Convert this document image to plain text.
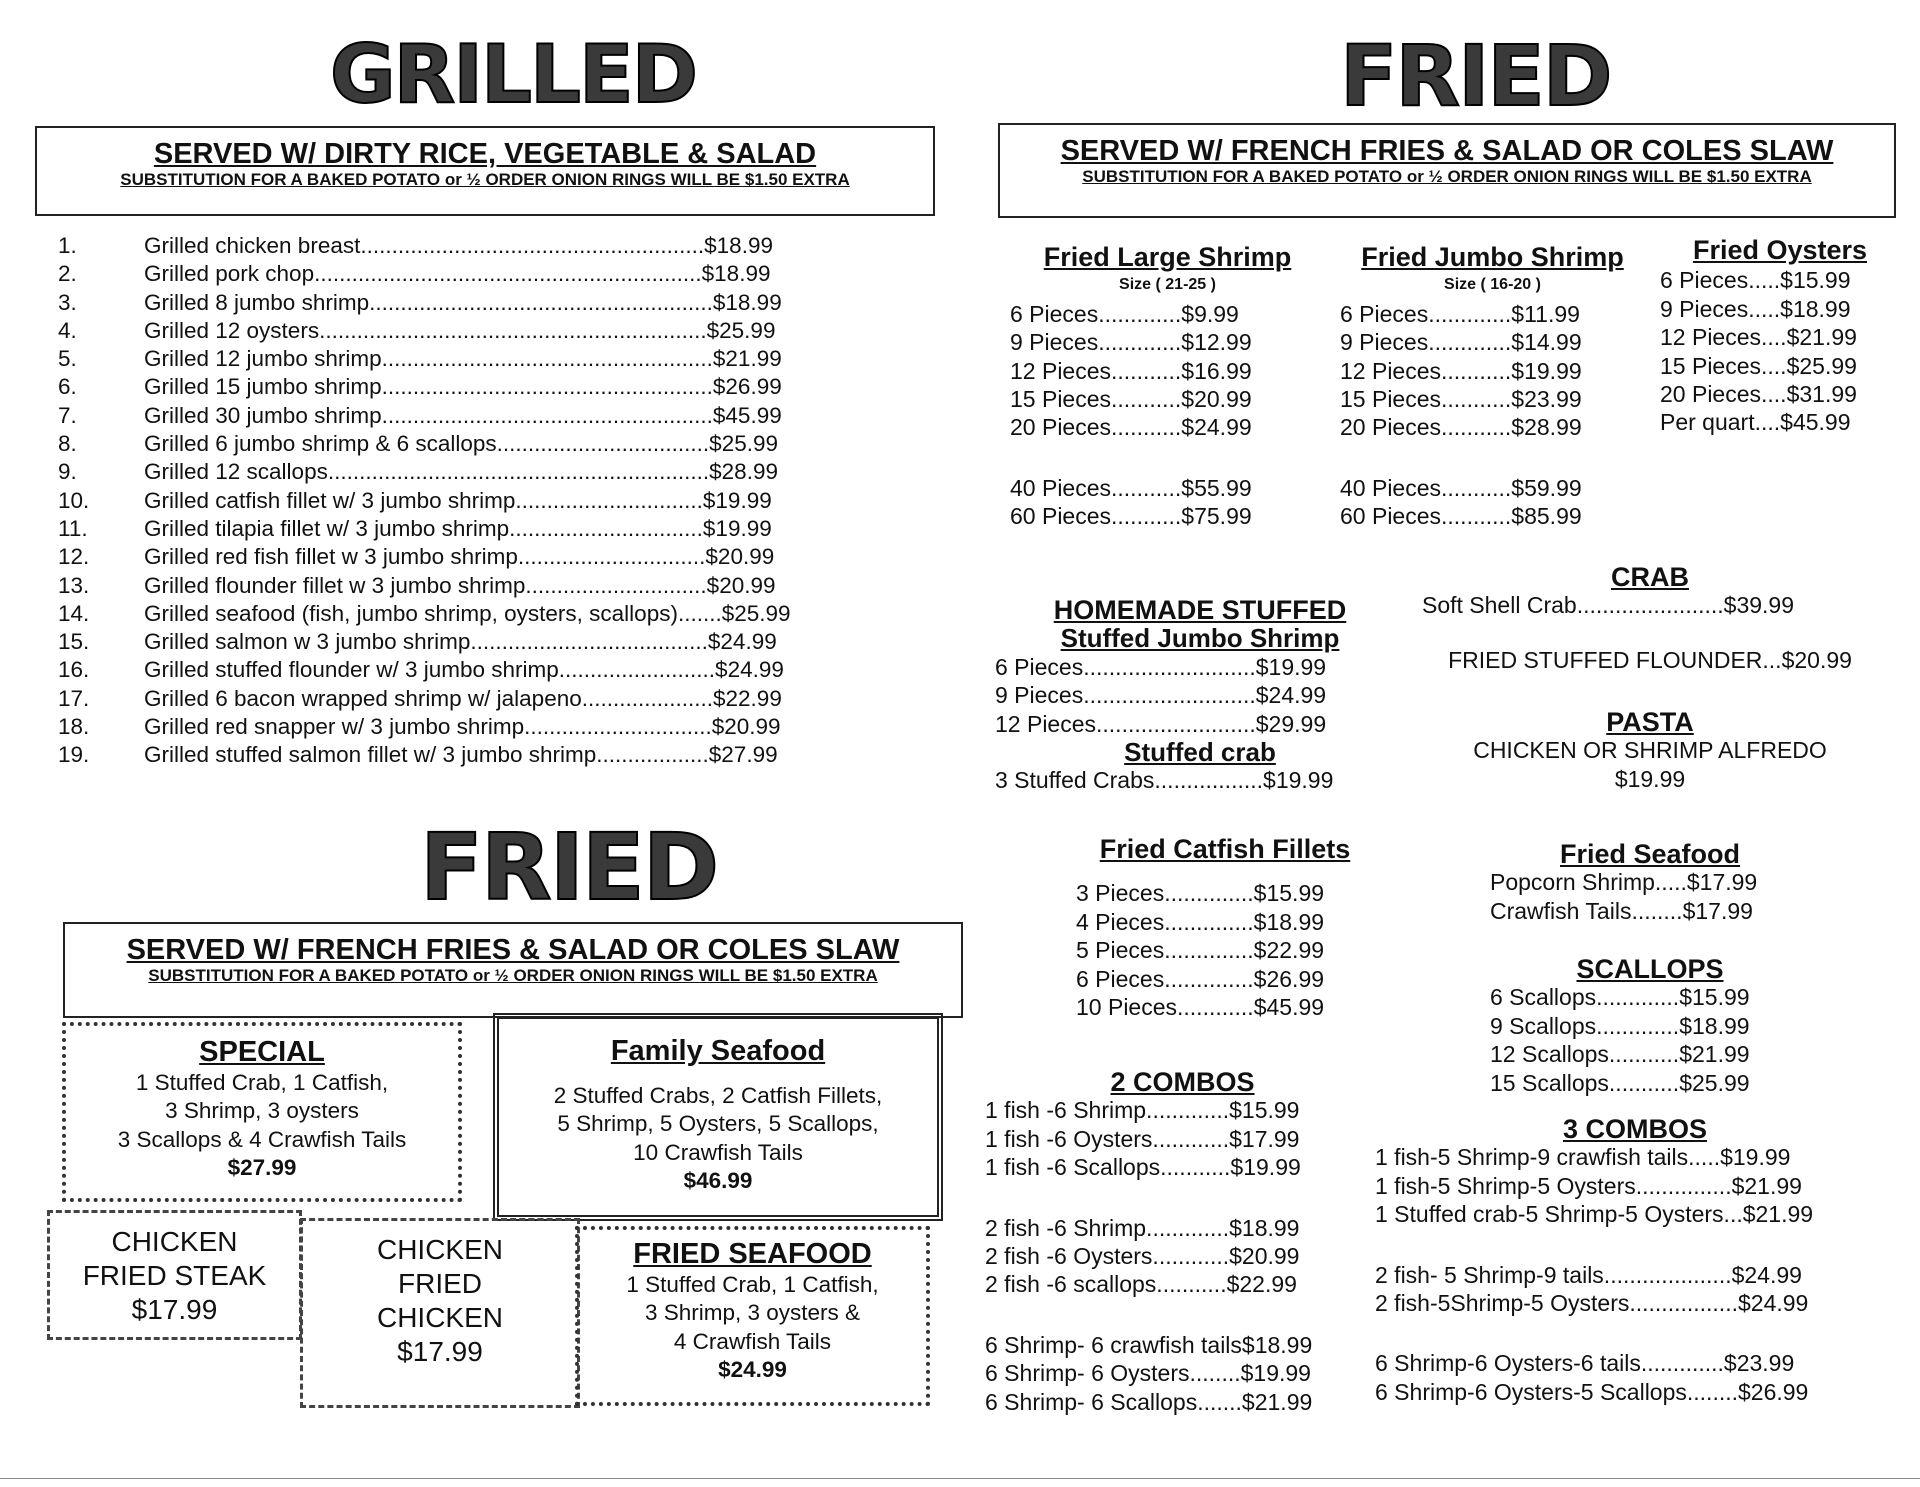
GRILLED
SERVED W/ DIRTY RICE, VEGETABLE & SALAD
SUBSTITUTION FOR A BAKED POTATO or ½ ORDER ONION RINGS WILL BE $1.50 EXTRA
1.	Grilled chicken breast.......................................................$18.99
2.	Grilled pork chop..............................................................$18.99
3.	Grilled 8 jumbo shrimp.......................................................$18.99
4.	Grilled 12 oysters..............................................................$25.99
5.	Grilled 12 jumbo shrimp.....................................................$21.99
6.	Grilled 15 jumbo shrimp.....................................................$26.99
7.	Grilled 30 jumbo shrimp.....................................................$45.99
8.	Grilled 6 jumbo shrimp & 6 scallops..................................$25.99
9.	Grilled 12 scallops.............................................................$28.99
10.	Grilled catfish fillet w/ 3 jumbo shrimp..............................$19.99
11.	Grilled tilapia fillet w/ 3 jumbo shrimp...............................$19.99
12.	Grilled red fish fillet w 3 jumbo shrimp..............................$20.99
13.	Grilled flounder fillet w 3 jumbo shrimp.............................$20.99
14.	Grilled seafood (fish, jumbo shrimp, oysters, scallops).......$25.99
15.	Grilled salmon w 3 jumbo shrimp......................................$24.99
16.	Grilled stuffed flounder w/ 3 jumbo shrimp.........................$24.99
17.	Grilled 6 bacon wrapped shrimp w/ jalapeno.....................$22.99
18.	Grilled red snapper w/ 3 jumbo shrimp..............................$20.99
19.	Grilled stuffed salmon fillet w/ 3 jumbo shrimp..................$27.99
FRIED
SERVED W/ FRENCH FRIES & SALAD OR COLES SLAW
SUBSTITUTION FOR A BAKED POTATO or ½ ORDER ONION RINGS WILL BE $1.50 EXTRA
SPECIAL
1 Stuffed Crab, 1 Catfish,
3 Shrimp, 3 oysters
3 Scallops & 4 Crawfish Tails
$27.99
Family Seafood
2 Stuffed Crabs, 2 Catfish Fillets,
5 Shrimp, 5 Oysters, 5 Scallops,
10 Crawfish Tails
$46.99
CHICKEN
FRIED STEAK
$17.99
CHICKEN
FRIED
CHICKEN
$17.99
FRIED SEAFOOD
1 Stuffed Crab, 1 Catfish,
3 Shrimp, 3 oysters &
4 Crawfish Tails
$24.99
FRIED
SERVED W/ FRENCH FRIES & SALAD OR COLES SLAW
SUBSTITUTION FOR A BAKED POTATO or ½ ORDER ONION RINGS WILL BE $1.50 EXTRA
Fried Large Shrimp
Size ( 21-25 )
6 Pieces.............$9.99
9 Pieces.............$12.99
12 Pieces...........$16.99
15 Pieces...........$20.99
20 Pieces...........$24.99
40 Pieces...........$55.99
60 Pieces...........$75.99
Fried Jumbo Shrimp
Size ( 16-20 )
6 Pieces.............$11.99
9 Pieces.............$14.99
12 Pieces...........$19.99
15 Pieces...........$23.99
20 Pieces...........$28.99
40 Pieces...........$59.99
60 Pieces...........$85.99
Fried Oysters
6 Pieces.....$15.99
9 Pieces.....$18.99
12 Pieces....$21.99
15 Pieces....$25.99
20 Pieces....$31.99
Per quart....$45.99
HOMEMADE STUFFED
Stuffed Jumbo Shrimp
6 Pieces...........................$19.99
9 Pieces...........................$24.99
12 Pieces.........................$29.99
Stuffed crab
3 Stuffed Crabs.................$19.99
CRAB
Soft Shell Crab.......................$39.99
FRIED STUFFED FLOUNDER...$20.99
PASTA
CHICKEN OR SHRIMP ALFREDO
$19.99
Fried Catfish Fillets
3 Pieces..............$15.99
4 Pieces..............$18.99
5 Pieces..............$22.99
6 Pieces..............$26.99
10 Pieces............$45.99
Fried Seafood
Popcorn Shrimp.....$17.99
Crawfish Tails........$17.99
SCALLOPS
6 Scallops.............$15.99
9 Scallops.............$18.99
12 Scallops...........$21.99
15 Scallops...........$25.99
2 COMBOS
1 fish -6 Shrimp.............$15.99
1 fish -6 Oysters............$17.99
1 fish -6 Scallops...........$19.99
2 fish -6 Shrimp.............$18.99
2 fish -6 Oysters............$20.99
2 fish -6 scallops...........$22.99
6 Shrimp- 6 crawfish tails$18.99
6 Shrimp- 6 Oysters........$19.99
6 Shrimp- 6 Scallops.......$21.99
3 COMBOS
1 fish-5 Shrimp-9 crawfish tails.....$19.99
1 fish-5 Shrimp-5 Oysters...............$21.99
1 Stuffed crab-5 Shrimp-5 Oysters...$21.99
2 fish- 5 Shrimp-9 tails....................$24.99
2 fish-5Shrimp-5 Oysters.................$24.99
6 Shrimp-6 Oysters-6 tails.............$23.99
6 Shrimp-6 Oysters-5 Scallops........$26.99
